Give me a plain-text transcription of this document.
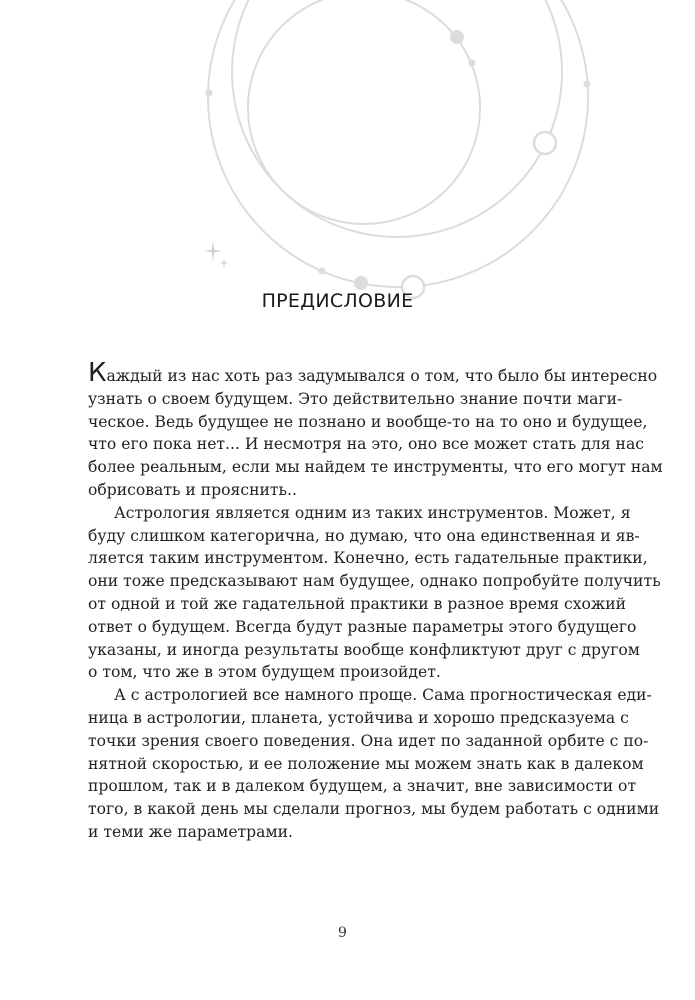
ПРЕДИСЛОВИЕ
Каждый из нас хоть раз задумывался о том, что было бы интересно
узнать о своем будущем. Это действительно знание почти маги-
ческое. Ведь будущее не познано и вообще-то на то оно и будущее,
что его пока нет... И несмотря на это, оно все может стать для нас
более реальным, если мы найдем те инструменты, что его могут нам
обрисовать и прояснить..
Астрология является одним из таких инструментов. Может, я
буду слишком категорична, но думаю, что она единственная и яв-
ляется таким инструментом. Конечно, есть гадательные практики,
они тоже предсказывают нам будущее, однако попробуйте получить
от одной и той же гадательной практики в разное время схожий
ответ о будущем. Всегда будут разные параметры этого будущего
указаны, и иногда результаты вообще конфликтуют друг с другом
о том, что же в этом будущем произойдет.
А с астрологией все намного проще. Сама прогностическая еди-
ница в астрологии, планета, устойчива и хорошо предсказуема с
точки зрения своего поведения. Она идет по заданной орбите с по-
нятной скоростью, и ее положение мы можем знать как в далеком
прошлом, так и в далеком будущем, а значит, вне зависимости от
того, в какой день мы сделали прогноз, мы будем работать с одними
и теми же параметрами.
9
